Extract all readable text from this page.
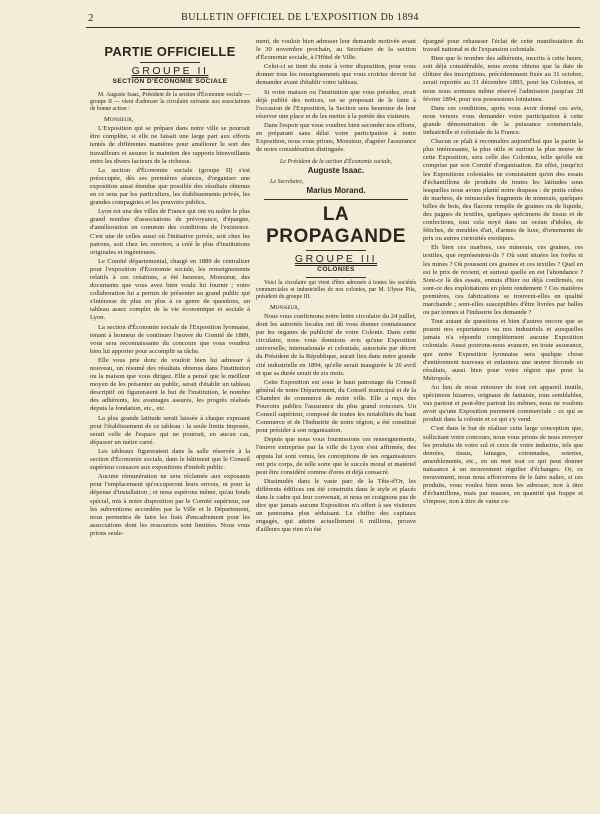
2	BULLETIN OFFICIEL DE L'EXPOSITION Db 1894
PARTIE OFFICIELLE
GROUPE II
SECTION D'ÉCONOMIE SOCIALE

M. Auguste Isaac, Président de la section d'Économie sociale — groupe II — vient d'adresser la circulaire suivante aux associations de bonne action :

Monsieur,

L'Exposition qui se prépare dans notre ville se pourrait être complète, si elle ne faisait une large part aux efforts tentés de différentes manières pour améliorer le sort des travailleurs et assurer le maintien des rapports bienveillants entre les divers facteurs de la richesse.

La section d'Économie sociale (groupe II) s'est préoccupée, dès ses premières séances, d'organiser une exposition aussi étendue que possible des résultats obtenus en ce sens par les particuliers, les établissements privés, les grandes compagnies et les pouvoirs publics.

Lyon est une des villes de France qui ont vu naître le plus grand nombre d'associations de prévoyance, d'épargne, d'amélioration en commun des conditions de l'existence. C'est une de celles aussi où l'initiative privée, soit chez les patrons, soit chez les ouvriers, a créé le plus d'institutions originales et ingénieuses.

Le Comité départemental, chargé en 1889 de centraliser pour l'exposition d'Économie sociale, les renseignements relatifs à ces créations, a été heureux, Monsieur, des documents que vous avez bien voulu lui fournir ; votre collaboration lui a permis de présenter au grand public qui s'intéresse de plus en plus à ce genre de questions, un tableau assez complet de la vie économique et sociale à Lyon.

La section d'Économie sociale de l'Exposition lyonnaise, tenant à honneur de continuer l'œuvre du Comité de 1889, vous sera reconnaissante du concours que vous voudrez bien lui apporter pour accomplir sa tâche.

Elle vous prie donc de vouloir bien lui adresser à nouveau, un résumé des résultats obtenus dans l'institution ou la maison que vous dirigez. Elle a pensé que le meilleur moyen de les présenter au public, serait d'établir un tableau descriptif où figureraient le but de l'institution, le nombre des adhérents, les avantages assurés, les progrès réalisés depuis la fondation, etc., etc.

La plus grande latitude serait laissée à chaque exposant pour l'établissement de ce tableau : la seule limite imposée, serait celle de l'espace qui ne pourrait, en aucun cas, dépasser un mètre carré.

Les tableaux figureraient dans la salle réservée à la section d'Économie sociale, dans le bâtiment que le Conseil supérieur consacre aux expositions d'intérêt public.

Aucune rémunération ne sera réclamée aux exposants pour l'emplacement qu'occuperont leurs envois, ni pour la dépense d'installation ; et nous espérons même, qu'au fonds spécial, mis à notre disposition par le Comité supérieur, sur les subventions accordées par la Ville et le Département, nous permettra de faire les frais d'encadrement pour les associations dont les ressources sont limitées. Nous vous prions seule-

ment, de vouloir bien adresser leur demande motivée avant le 30 novembre prochain, au Secrétaire de la section d'Économie sociale, à l'Hôtel de Ville.

Celui-ci se tient du reste à votre disposition, pour vous donner tous les renseignements que vous croiriez devoir lui demander avant d'établir votre tableau.

Si votre maison ou l'institution que vous présidez, avait déjà publié des notices, on se proposait de le faire à l'occasion de l'Exposition, la Section sera heureuse de leur réserver une place et de les mettre à la portée des visiteurs.

Dans l'espoir que vous voudrez bien seconder nos efforts, en préparant sans délai votre participation à notre Exposition, nous vous prions, Monsieur, d'agréer l'assurance de notre considération distinguée.

Le Président de la section d'Économie sociale,
Auguste Isaac.
Le Secrétaire,
Marius Morand.
LA PROPAGANDE
GROUPE III
COLONIES

Voici la circulaire qui vient d'être adressée à toutes les sociétés commerciales et industrielles de nos colonies, par M. Ulysse Pila, président du groupe III.

Monsieur,

Nous vous confirmons notre lettre circulaire du 24 juillet, dont les autorités locales ont dû vous donner connaissance par les organes de publicité de votre Colonie. Dans cette circulaire, nous vous donnions avis qu'une Exposition universelle, internationale et coloniale, autorisée par décret du Président de la République, aurait lieu dans notre grande cité industrielle en 1894, qu'elle serait inaugurée le 26 avril et que sa durée serait de six mois.

Cette Exposition est sous le haut patronage du Conseil général de notre Département, du Conseil municipal et de la Chambre de commerce de notre ville. Elle a reçu des Pouvoirs publics l'assurance du plus grand concours. Un Conseil supérieur, composé de toutes les notabilités du haut Commerce et de l'Industrie de notre région, a été constitué pour présider à son organisation.

Depuis que nous vous fournissions ces renseignements, l'œuvre entreprise par la ville de Lyon s'est affirmée, des appuis lui sont venus, les conceptions de ses organisateurs ont pris corps, de telle sorte que le succès moral et matériel peut être considéré comme d'ores et déjà consacré.

Dissimulés dans le vaste parc de la Tête-d'Or, les différents édifices ont été construits dans le style et placés dans le cadre qui leur convenait, et nous ne craignons pas de dire que jamais aucune Exposition n'a offert à ses visiteurs un panorama plus séduisant. Le chiffre des capitaux engagés, qui atteint actuellement 6 millions, prouve d'ailleurs que rien n'a été

épargné pour rehausser l'éclat de cette manifestation du travail national et de l'expansion coloniale.

Bien que le nombre des adhérents, inscrits à cette heure, soit déjà considérable, nous avons obtenu que la date de clôture des inscriptions, précédemment fixée au 31 octobre, serait reportée au 31 décembre 1893, pour les Colonies, et nous nous sommes même réservé l'admission jusqu'au 28 février 1894, pour nos possessions lointaines.

Dans ces conditions, après vous avoir donné ces avis, nous venons vous demander votre participation à cette grande démonstration de la puissance commerciale, industrielle et coloniale de la France.

Chacun se plaît à reconnaître aujourd'hui que la partie la plus intéressante, la plus utile et surtout la plus neuve de cette Exposition, sera celle des Colonies, telle qu'elle est comprise par son Comité d'organisation. En effet, jusqu'ici les Expositions coloniales ne consistaient qu'en des essais d'échantillons de produits de toutes les latitudes sous lesquelles nous avons planté notre drapeau : de petits cubes de marbres, de minuscules fragments de minerais, quelques billes de bois, des flacons remplis de graines ou de liquide, des pagnes de textiles, quelques spécimens de tissus et de confections, tout cela noyé dans un océan d'idoles, de fétiches, de meubles d'art, d'armes de luxe, d'ornements de prix ou autres curiosités exotiques.

Eh bien ces marbres, ces minerais, ces graines, ces textiles, que représentent-ils ? Où sont situées les forêts et les mines ? Où poussent ces graines et ces textiles ? Quel en est le prix de revient, et surtout quelle en est l'abondance ? Sont-ce là des essais, ennuis d'hier ou déjà confirmés, ou sont-ce des exploitations en plein rendement ? Ces matières premières, ces fabrications se trouvent-elles en qualité marchande ; sont-elles susceptibles d'être livrées par balles ou par tonnes si l'industrie les demande ?

Tout autant de questions et bien d'autres encore que se posent nos exportateurs ou nos industriels et auxquelles jamais n'a répondu complètement aucune Exposition coloniale. Aussi pouvons-nous avancer, en toute assurance, que notre Exposition lyonnaise sera quelque chose d'entièrement nouveau et enfantera une œuvre féconde en résultats, aussi bien pour votre région que pour la Métropole.

Au lieu de nous entourer de tout cet appareil inutile, spécimens bizarres, orignaux de fantaisie, tous semblables, vus partout et peut-être partout les mêmes, nous ne voulons avoir qu'une Exposition purement commerciale : ce qui se produit dans la colonie et ce qui s'y vend.

C'est dans le but de réaliser cette large conception que, sollicitant votre concours, nous vous prions de nous envoyer les produits de votre sol et ceux de votre industrie, tels que denrées, tissus, lainages, cotonnades, soieries, ameublements, etc., en un mot tout ce qui peut donner naissance à un mouvement régulier d'échanges. Or, ce mouvement, nous nous efforcerons de le faire naître, si ces produits, vous voulez bien nous les adresser, non à titre d'échantillons, mais par masses, en quantité qui frappe et s'impose, non à titre de vaine cu-
